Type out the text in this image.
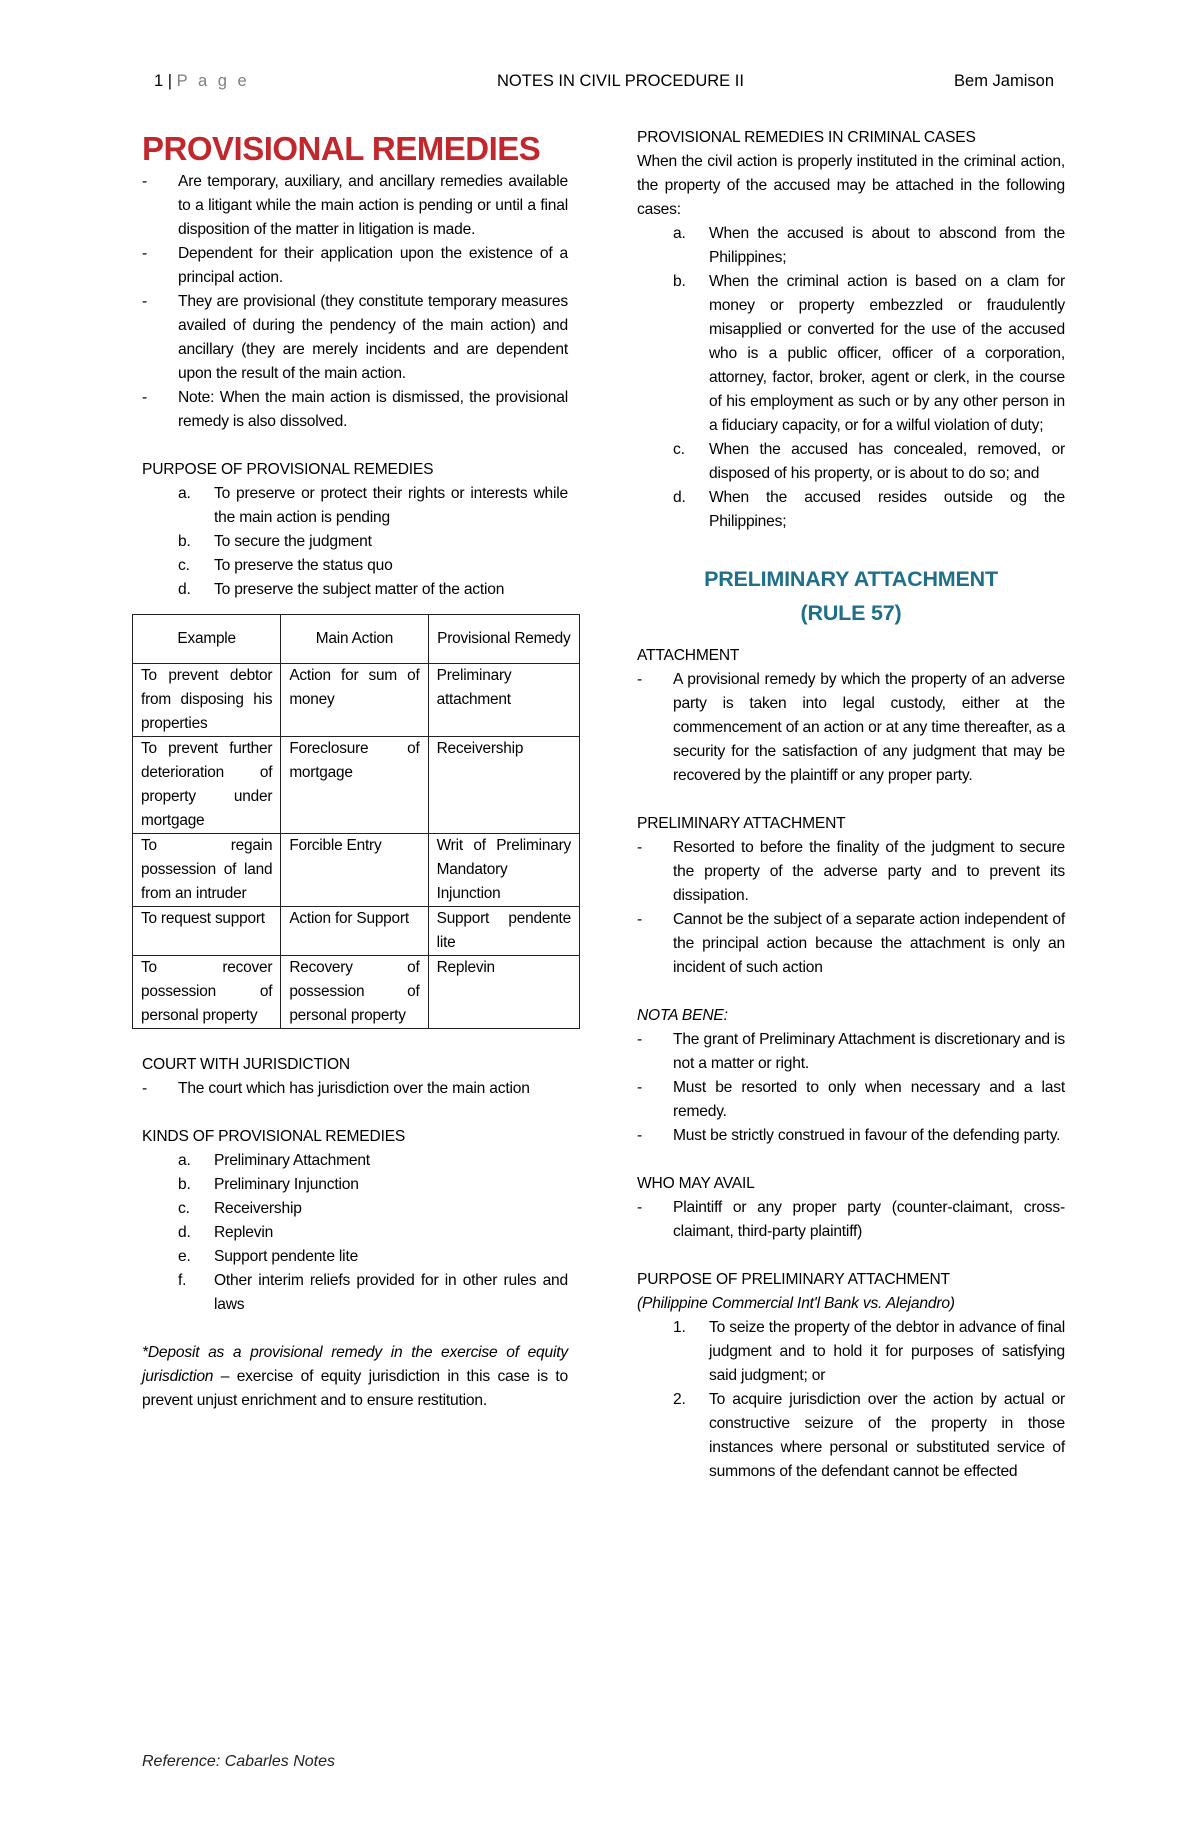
1 | P a g e	NOTES IN CIVIL PROCEDURE II	Bem Jamison
PROVISIONAL REMEDIES
- Are temporary, auxiliary, and ancillary remedies available to a litigant while the main action is pending or until a final disposition of the matter in litigation is made.
- Dependent for their application upon the existence of a principal action.
- They are provisional (they constitute temporary measures availed of during the pendency of the main action) and ancillary (they are merely incidents and are dependent upon the result of the main action.
- Note: When the main action is dismissed, the provisional remedy is also dissolved.

PURPOSE OF PROVISIONAL REMEDIES

a. To preserve or protect their rights or interests while the main action is pending
b. To secure the judgment
c. To preserve the status quo
d. To preserve the subject matter of the action
Example	Main Action	Provisional Remedy
To prevent debtor from disposing his properties	Action for sum of money	Preliminary attachment
To prevent further deterioration of property under mortgage	Foreclosure of mortgage	Receivership
To regain possession of land from an intruder	Forcible Entry	Writ of Preliminary Mandatory Injunction
To request support	Action for Support	Support pendente lite
To recover possession of personal property	Recovery of possession of personal property	Replevin

COURT WITH JURISDICTION

- The court which has jurisdiction over the main action

KINDS OF PROVISIONAL REMEDIES

a. Preliminary Attachment
b. Preliminary Injunction
c. Receivership
d. Replevin
e. Support pendente lite
f. Other interim reliefs provided for in other rules and laws

*Deposit as a provisional remedy in the exercise of equity jurisdiction – exercise of equity jurisdiction in this case is to prevent unjust enrichment and to ensure restitution.

PROVISIONAL REMEDIES IN CRIMINAL CASES

When the civil action is properly instituted in the criminal action, the property of the accused may be attached in the following cases:

a. When the accused is about to abscond from the Philippines;
b. When the criminal action is based on a clam for money or property embezzled or fraudulently misapplied or converted for the use of the accused who is a public officer, officer of a corporation, attorney, factor, broker, agent or clerk, in the course of his employment as such or by any other person in a fiduciary capacity, or for a wilful violation of duty;
c. When the accused has concealed, removed, or disposed of his property, or is about to do so; and
d. When the accused resides outside og the Philippines;

PRELIMINARY ATTACHMENT

(RULE 57)

ATTACHMENT

- A provisional remedy by which the property of an adverse party is taken into legal custody, either at the commencement of an action or at any time thereafter, as a security for the satisfaction of any judgment that may be recovered by the plaintiff or any proper party.

PRELIMINARY ATTACHMENT

- Resorted to before the finality of the judgment to secure the property of the adverse party and to prevent its dissipation.
- Cannot be the subject of a separate action independent of the principal action because the attachment is only an incident of such action

NOTA BENE:

- The grant of Preliminary Attachment is discretionary and is not a matter or right.
- Must be resorted to only when necessary and a last remedy.
- Must be strictly construed in favour of the defending party.

WHO MAY AVAIL

- Plaintiff or any proper party (counter-claimant, cross-claimant, third-party plaintiff)

PURPOSE OF PRELIMINARY ATTACHMENT

(Philippine Commercial Int'l Bank vs. Alejandro)

1. To seize the property of the debtor in advance of final judgment and to hold it for purposes of satisfying said judgment; or
2. To acquire jurisdiction over the action by actual or constructive seizure of the property in those instances where personal or substituted service of summons of the defendant cannot be effected
Reference: Cabarles Notes
